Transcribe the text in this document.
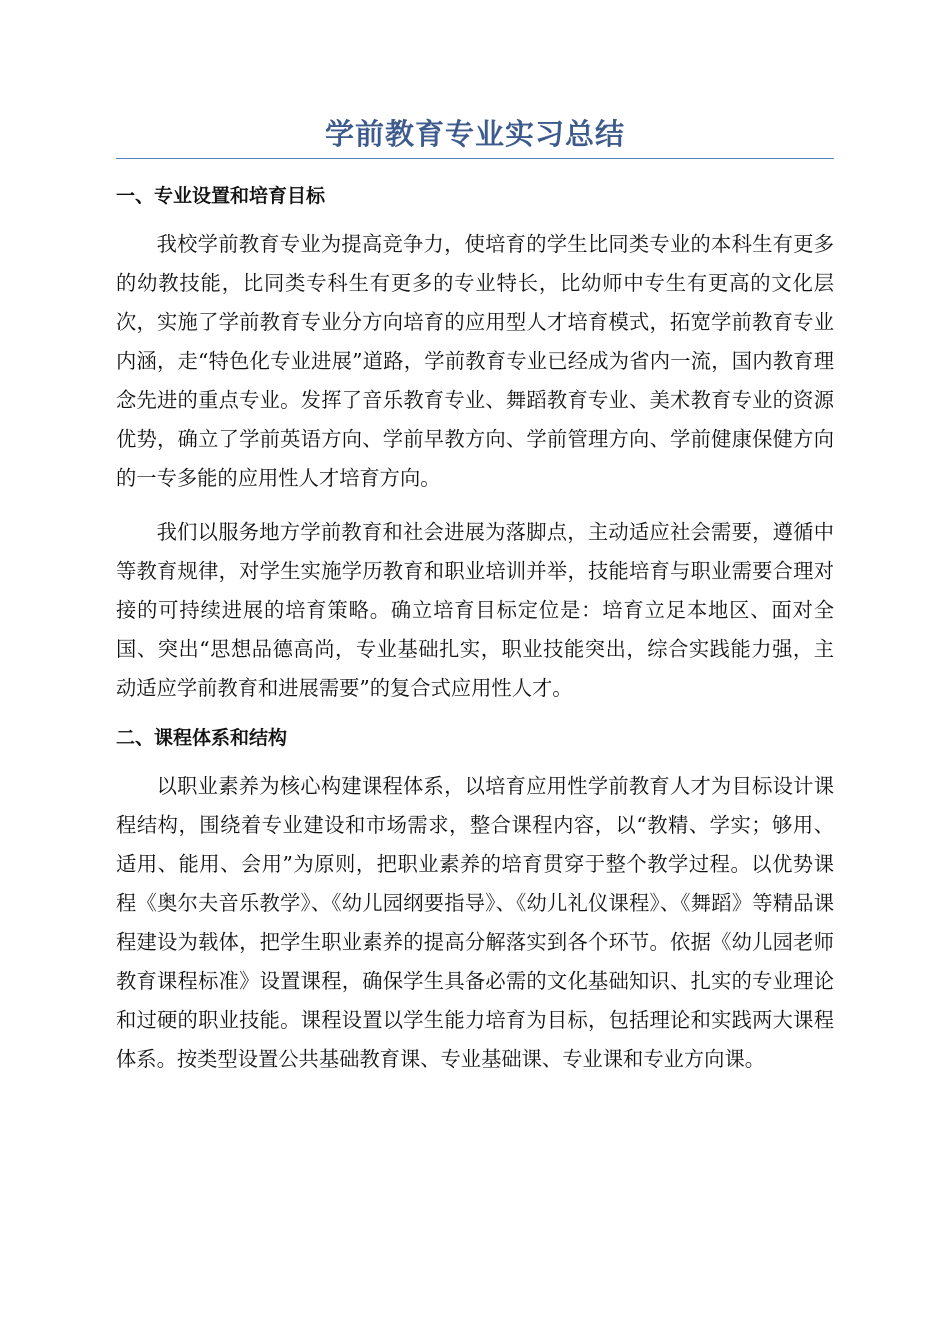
学前教育专业实习总结
一、专业设置和培育目标

我校学前教育专业为提高竞争力，使培育的学生比同类专业的本科生有更多的幼教技能，比同类专科生有更多的专业特长，比幼师中专生有更高的文化层次，实施了学前教育专业分方向培育的应用型人才培育模式，拓宽学前教育专业内涵，走“特色化专业进展”道路，学前教育专业已经成为省内一流，国内教育理念先进的重点专业。发挥了音乐教育专业、舞蹈教育专业、美术教育专业的资源优势，确立了学前英语方向、学前早教方向、学前管理方向、学前健康保健方向的一专多能的应用性人才培育方向。

我们以服务地方学前教育和社会进展为落脚点，主动适应社会需要，遵循中等教育规律，对学生实施学历教育和职业培训并举，技能培育与职业需要合理对接的可持续进展的培育策略。确立培育目标定位是：培育立足本地区、面对全国、突出“思想品德高尚，专业基础扎实，职业技能突出，综合实践能力强，主动适应学前教育和进展需要”的复合式应用性人才。

二、课程体系和结构

以职业素养为核心构建课程体系，以培育应用性学前教育人才为目标设计课程结构，围绕着专业建设和市场需求，整合课程内容，以“教精、学实；够用、适用、能用、会用”为原则，把职业素养的培育贯穿于整个教学过程。以优势课程《奥尔夫音乐教学》、《幼儿园纲要指导》、《幼儿礼仪课程》、《舞蹈》等精品课程建设为载体，把学生职业素养的提高分解落实到各个环节。依据《幼儿园老师教育课程标准》设置课程，确保学生具备必需的文化基础知识、扎实的专业理论和过硬的职业技能。课程设置以学生能力培育为目标，包括理论和实践两大课程体系。按类型设置公共基础教育课、专业基础课、专业课和专业方向课。
